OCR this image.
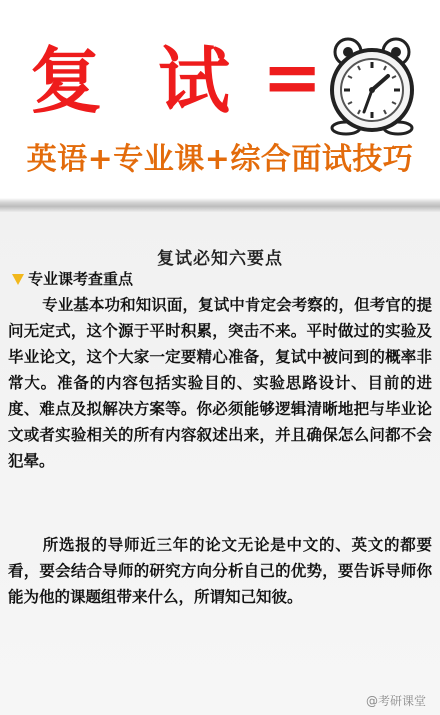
复 试 =
英语+专业课+综合面试技巧
复试必知六要点
专业课考查重点
专业基本功和知识面，复试中肯定会考察的，但考官的提问无定式，这个源于平时积累，突击不来。平时做过的实验及毕业论文，这个大家一定要精心准备，复试中被问到的概率非常大。准备的内容包括实验目的、实验思路设计、目前的进度、难点及拟解决方案等。你必须能够逻辑清晰地把与毕业论文或者实验相关的所有内容叙述出来，并且确保怎么问都不会犯晕。
所选报的导师近三年的论文无论是中文的、英文的都要看，要会结合导师的研究方向分析自己的优势，要告诉导师你能为他的课题组带来什么，所谓知己知彼。
@考研课堂
